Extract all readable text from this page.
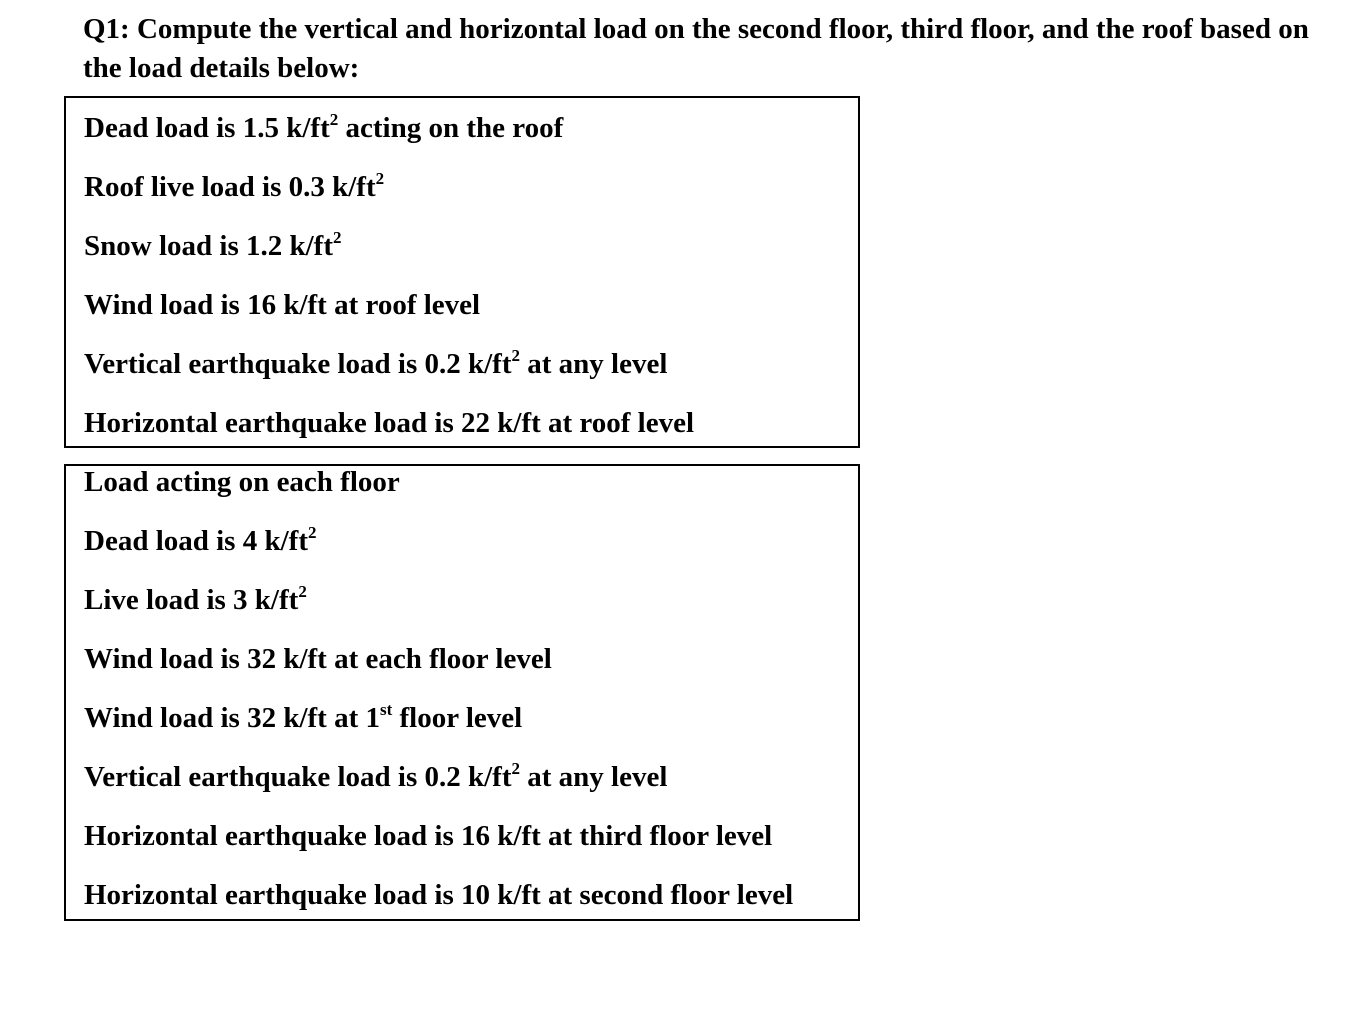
Q1: Compute the vertical and horizontal load on the second floor, third floor, and the roof based on the load details below:

Dead load is 1.5 $k/ft^2$ acting on the roof

Roof live load is 0.3 $k/ft^2$

Snow load is 1.2 $k/ft^2$

Wind load is 16 k/ft at roof level

Vertical earthquake load is 0.2 $k/ft^2$ at any level

Horizontal earthquake load is 22 k/ft at roof level

Load acting on each floor

Dead load is 4 $k/ft^2$

Live load is 3 $k/ft^2$

Wind load is 32 k/ft at each floor level

Wind load is 32 k/ft at 1st floor level

Vertical earthquake load is 0.2 $k/ft^2$ at any level

Horizontal earthquake load is 16 k/ft at third floor level

Horizontal earthquake load is 10 k/ft at second floor level
